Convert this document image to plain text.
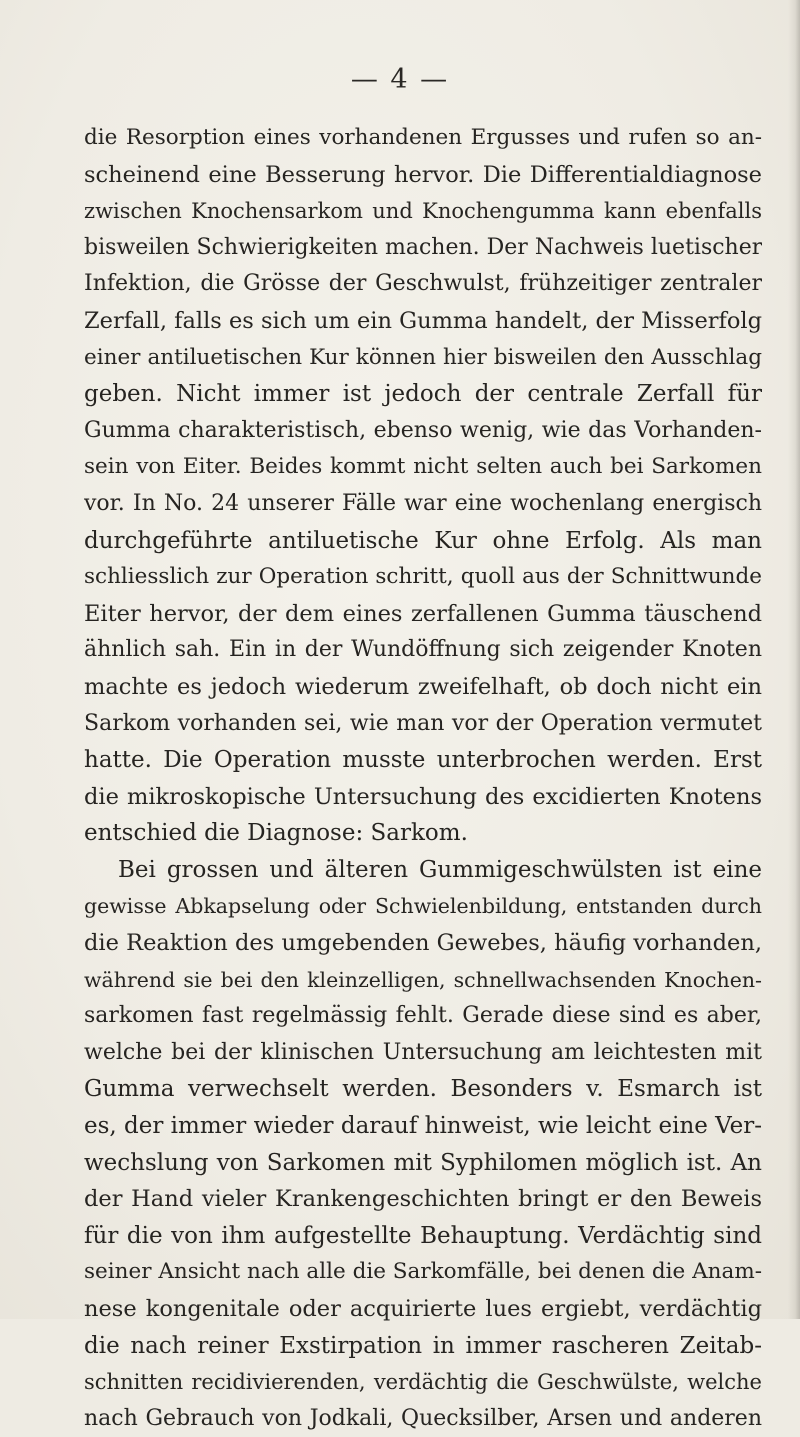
— 4 —
die Resorption eines vorhandenen Ergusses und rufen so an-
scheinend eine Besserung hervor. Die Differentialdiagnose
zwischen Knochensarkom und Knochengumma kann ebenfalls
bisweilen Schwierigkeiten machen. Der Nachweis luetischer
Infektion, die Grösse der Geschwulst, frühzeitiger zentraler
Zerfall, falls es sich um ein Gumma handelt, der Misserfolg
einer antiluetischen Kur können hier bisweilen den Ausschlag
geben. Nicht immer ist jedoch der centrale Zerfall für
Gumma charakteristisch, ebenso wenig, wie das Vorhanden-
sein von Eiter. Beides kommt nicht selten auch bei Sarkomen
vor. In No. 24 unserer Fälle war eine wochenlang energisch
durchgeführte antiluetische Kur ohne Erfolg. Als man
schliesslich zur Operation schritt, quoll aus der Schnittwunde
Eiter hervor, der dem eines zerfallenen Gumma täuschend
ähnlich sah. Ein in der Wundöffnung sich zeigender Knoten
machte es jedoch wiederum zweifelhaft, ob doch nicht ein
Sarkom vorhanden sei, wie man vor der Operation vermutet
hatte. Die Operation musste unterbrochen werden. Erst
die mikroskopische Untersuchung des excidierten Knotens
entschied die Diagnose: Sarkom.
Bei grossen und älteren Gummigeschwülsten ist eine
gewisse Abkapselung oder Schwielenbildung, entstanden durch
die Reaktion des umgebenden Gewebes, häufig vorhanden,
während sie bei den kleinzelligen, schnellwachsenden Knochen-
sarkomen fast regelmässig fehlt. Gerade diese sind es aber,
welche bei der klinischen Untersuchung am leichtesten mit
Gumma verwechselt werden. Besonders v. Esmarch ist
es, der immer wieder darauf hinweist, wie leicht eine Ver-
wechslung von Sarkomen mit Syphilomen möglich ist. An
der Hand vieler Krankengeschichten bringt er den Beweis
für die von ihm aufgestellte Behauptung. Verdächtig sind
seiner Ansicht nach alle die Sarkomfälle, bei denen die Anam-
nese kongenitale oder acquirierte lues ergiebt, verdächtig
die nach reiner Exstirpation in immer rascheren Zeitab-
schnitten recidivierenden, verdächtig die Geschwülste, welche
nach Gebrauch von Jodkali, Quecksilber, Arsen und anderen
